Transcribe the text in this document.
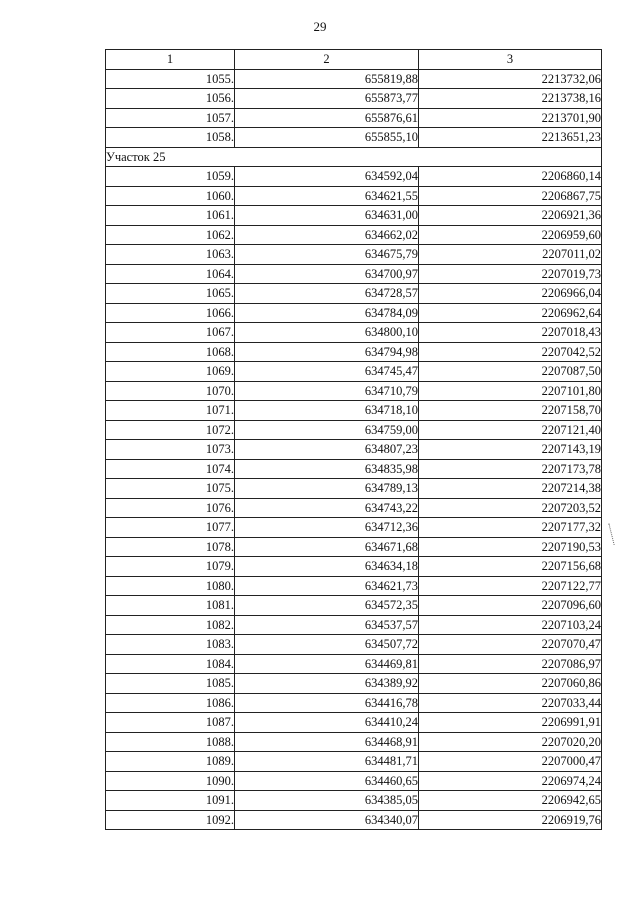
29
1	2	3
1055.	655819,88	2213732,06
1056.	655873,77	2213738,16
1057.	655876,61	2213701,90
1058.	655855,10	2213651,23
Участок 25		
1059.	634592,04	2206860,14
1060.	634621,55	2206867,75
1061.	634631,00	2206921,36
1062.	634662,02	2206959,60
1063.	634675,79	2207011,02
1064.	634700,97	2207019,73
1065.	634728,57	2206966,04
1066.	634784,09	2206962,64
1067.	634800,10	2207018,43
1068.	634794,98	2207042,52
1069.	634745,47	2207087,50
1070.	634710,79	2207101,80
1071.	634718,10	2207158,70
1072.	634759,00	2207121,40
1073.	634807,23	2207143,19
1074.	634835,98	2207173,78
1075.	634789,13	2207214,38
1076.	634743,22	2207203,52
1077.	634712,36	2207177,32
1078.	634671,68	2207190,53
1079.	634634,18	2207156,68
1080.	634621,73	2207122,77
1081.	634572,35	2207096,60
1082.	634537,57	2207103,24
1083.	634507,72	2207070,47
1084.	634469,81	2207086,97
1085.	634389,92	2207060,86
1086.	634416,78	2207033,44
1087.	634410,24	2206991,91
1088.	634468,91	2207020,20
1089.	634481,71	2207000,47
1090.	634460,65	2206974,24
1091.	634385,05	2206942,65
1092.	634340,07	2206919,76
